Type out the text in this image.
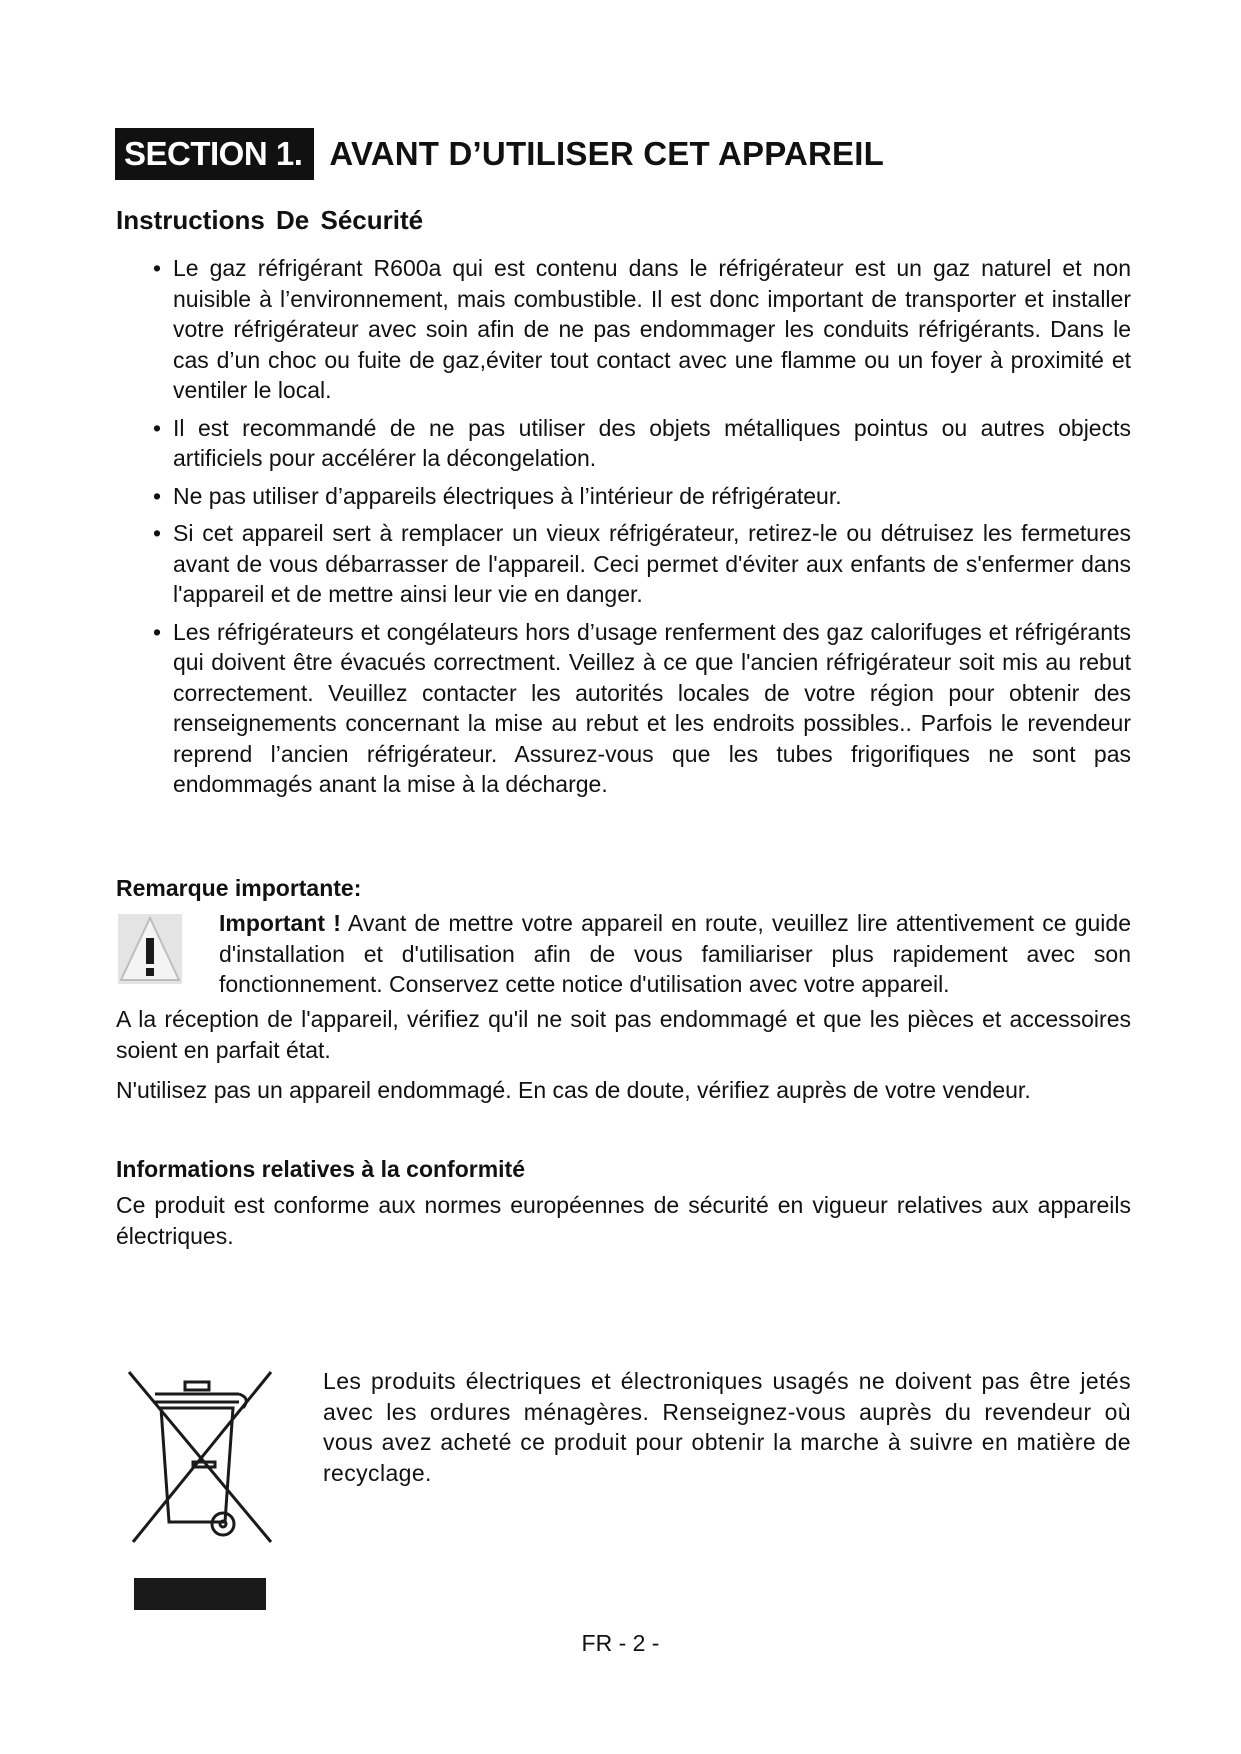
SECTION 1. AVANT D’UTILISER CET APPAREIL
Instructions De Sécurité
• Le gaz réfrigérant R600a qui est contenu dans le réfrigérateur est un gaz naturel et non nuisible à l’environnement, mais combustible. Il est donc important de transporter et installer votre réfrigérateur avec soin afin de ne pas endommager les conduits réfrigérants. Dans le cas d’un choc ou fuite de gaz,éviter tout contact avec une flamme ou un foyer à proximité et ventiler le local.
• Il est recommandé de ne pas utiliser des objets métalliques pointus ou autres objects artificiels pour accélérer la décongelation.
• Ne pas utiliser d’appareils électriques à l’intérieur de réfrigérateur.
• Si cet appareil sert à remplacer un vieux réfrigérateur, retirez-le ou détruisez les fermetures avant de vous débarrasser de l'appareil. Ceci permet d'éviter aux enfants de s'enfermer dans l'appareil et de mettre ainsi leur vie en danger.
• Les réfrigérateurs et congélateurs hors d’usage renferment des gaz calorifuges et réfrigérants qui doivent être évacués correctment. Veillez à ce que l'ancien réfrigérateur soit mis au rebut correctement. Veuillez contacter les autorités locales de votre région pour obtenir des renseignements concernant la mise au rebut et les endroits possibles.. Parfois le revendeur reprend l’ancien réfrigérateur. Assurez-vous que les tubes frigorifiques ne sont pas endommagés anant la mise à la décharge.
Remarque importante:
Important ! Avant de mettre votre appareil en route, veuillez lire attentivement ce guide d'installation et d'utilisation afin de vous familiariser plus rapidement avec son fonctionnement. Conservez cette notice d'utilisation avec votre appareil.
A la réception de l'appareil, vérifiez qu'il ne soit pas endommagé et que les pièces et accessoires soient en parfait état.
N'utilisez pas un appareil endommagé. En cas de doute, vérifiez auprès de votre vendeur.
Informations relatives à la conformité
Ce produit est conforme aux normes européennes de sécurité en vigueur relatives aux appareils électriques.
Les produits électriques et électroniques usagés ne doivent pas être jetés avec les ordures ménagères. Renseignez-vous auprès du revendeur où vous avez acheté ce produit pour obtenir la marche à suivre en matière de recyclage.
FR - 2 -
